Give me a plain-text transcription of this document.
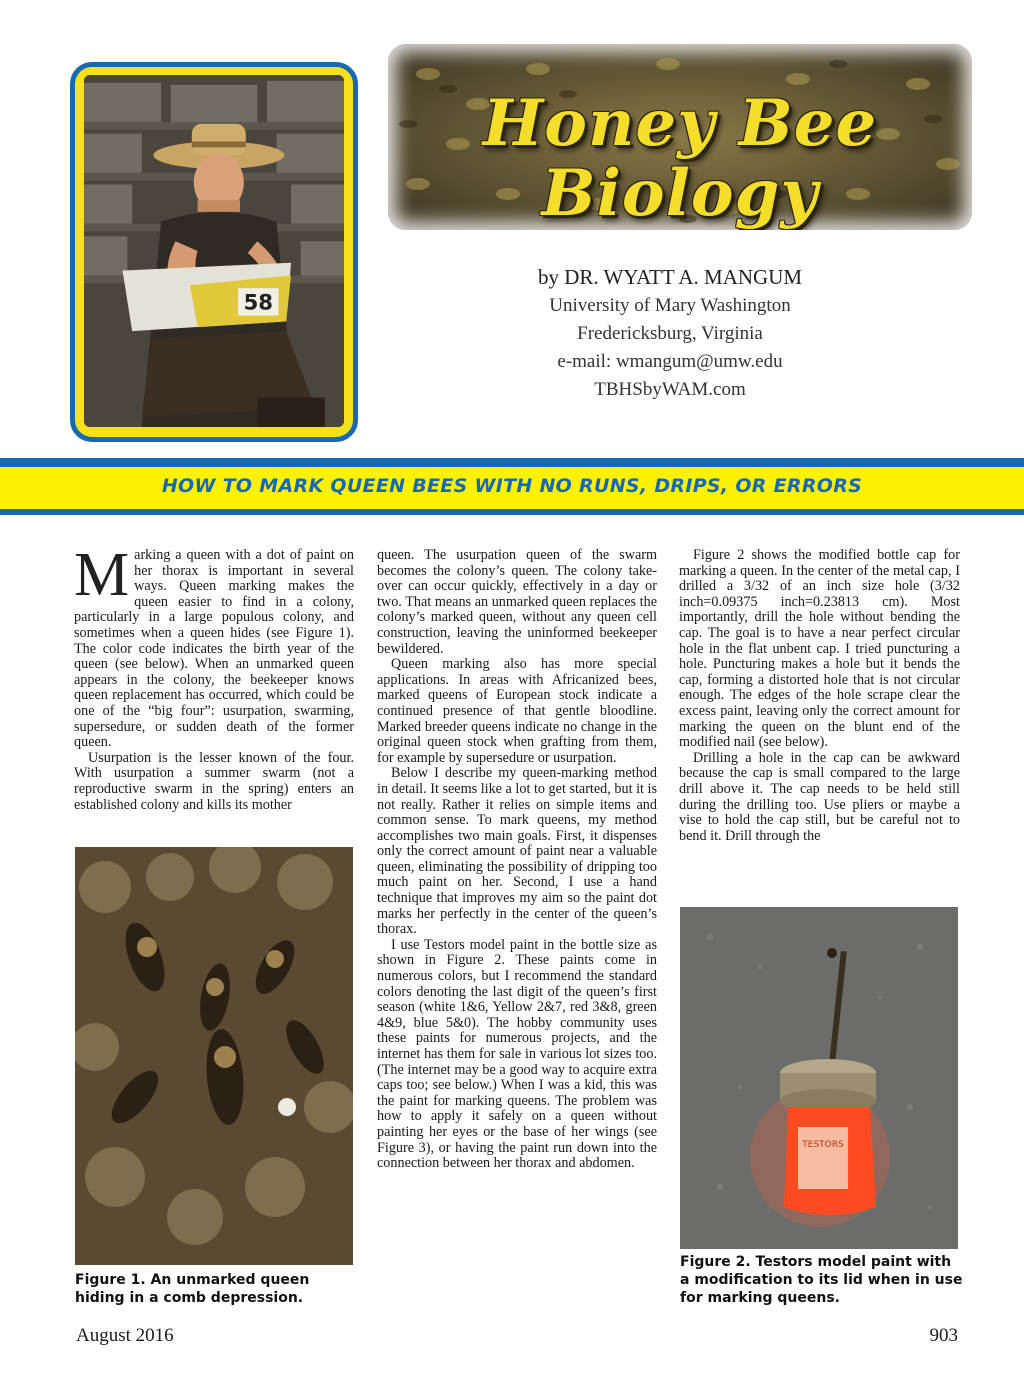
58
Honey Bee
Biology
by DR. WYATT A. MANGUM
University of Mary Washington
Fredericksburg, Virginia
e-mail: wmangum@umw.edu
TBHSbyWAM.com
HOW TO MARK QUEEN BEES WITH NO RUNS, DRIPS, OR ERRORS

Marking a queen with a dot of paint on her thorax is important in several ways. Queen marking makes the queen easier to find in a colony, particularly in a large populous colony, and sometimes when a queen hides (see Figure 1). The color code indicates the birth year of the queen (see below). When an unmarked queen appears in the colony, the beekeeper knows queen replacement has occurred, which could be one of the “big four”: usurpation, swarming, supersedure, or sudden death of the former queen.

Usurpation is the lesser known of the four. With usurpation a summer swarm (not a reproductive swarm in the spring) enters an established colony and kills its mother

Figure 1. An unmarked queen hiding in a comb depression.

queen. The usurpation queen of the swarm becomes the colony’s queen. The colony take-over can occur quickly, effectively in a day or two. That means an unmarked queen replaces the colony’s marked queen, without any queen cell construction, leaving the uninformed beekeeper bewildered.

Queen marking also has more special applications. In areas with Africanized bees, marked queens of European stock indicate a continued presence of that gentle bloodline. Marked breeder queens indicate no change in the original queen stock when grafting from them, for example by supersedure or usurpation.

Below I describe my queen-marking method in detail. It seems like a lot to get started, but it is not really. Rather it relies on simple items and common sense. To mark queens, my method accomplishes two main goals. First, it dispenses only the correct amount of paint near a valuable queen, eliminating the possibility of dripping too much paint on her. Second, I use a hand technique that improves my aim so the paint dot marks her perfectly in the center of the queen’s thorax.

I use Testors model paint in the bottle size as shown in Figure 2. These paints come in numerous colors, but I recommend the standard colors denoting the last digit of the queen’s first season (white 1&6, Yellow 2&7, red 3&8, green 4&9, blue 5&0). The hobby community uses these paints for numerous projects, and the internet has them for sale in various lot sizes too. (The internet may be a good way to acquire extra caps too; see below.) When I was a kid, this was the paint for marking queens. The problem was how to apply it safely on a queen without painting her eyes or the base of her wings (see Figure 3), or having the paint run down into the connection between her thorax and abdomen.

Figure 2 shows the modified bottle cap for marking a queen. In the center of the metal cap, I drilled a 3/32 of an inch size hole (3/32 inch=0.09375 inch=0.23813 cm). Most importantly, drill the hole without bending the cap. The goal is to have a near perfect circular hole in the flat unbent cap. I tried puncturing a hole. Puncturing makes a hole but it bends the cap, forming a distorted hole that is not circular enough. The edges of the hole scrape clear the excess paint, leaving only the correct amount for marking the queen on the blunt end of the modified nail (see below).

Drilling a hole in the cap can be awkward because the cap is small compared to the large drill above it. The cap needs to be held still during the drilling too. Use pliers or maybe a vise to hold the cap still, but be careful not to bend it. Drill through the

TESTORS
Figure 2. Testors model paint with a modification to its lid when in use for marking queens.
August 2016	903
